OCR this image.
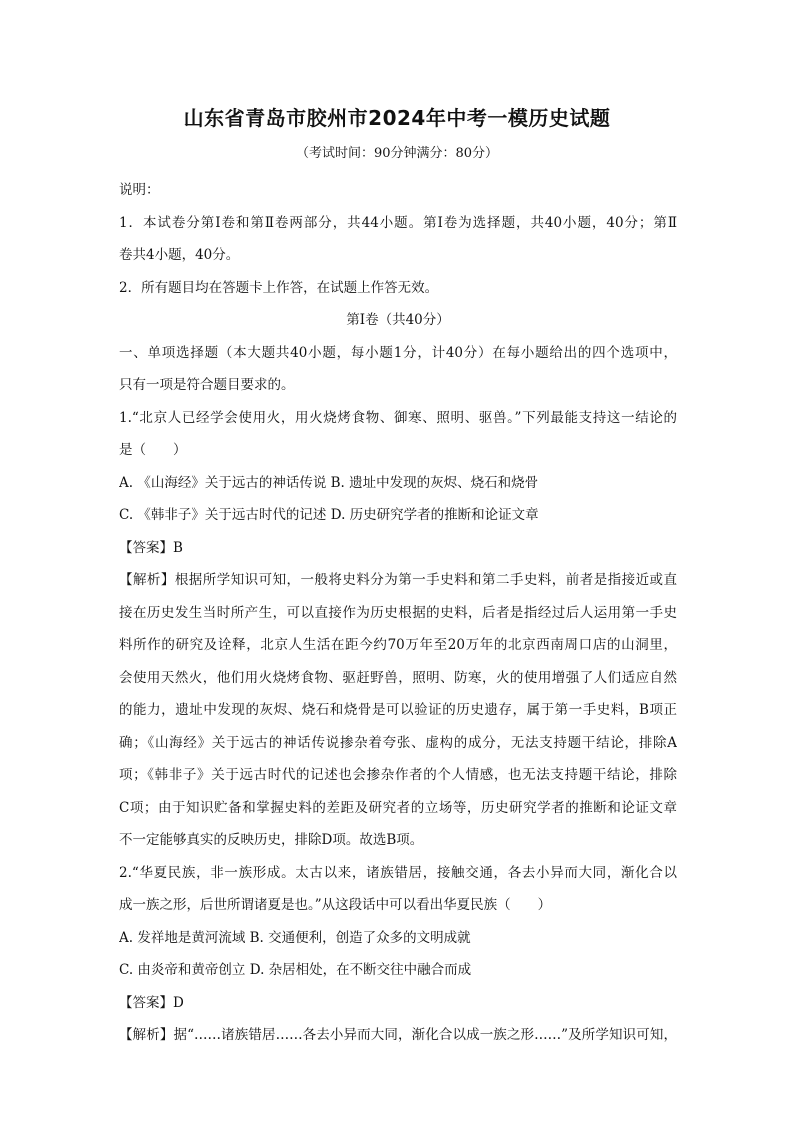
山东省青岛市胶州市2024年中考一模历史试题
（考试时间：90分钟满分：80分）
说明：
1．本试卷分第Ⅰ卷和第Ⅱ卷两部分，共44小题。第Ⅰ卷为选择题，共40小题，40分；第Ⅱ
卷共4小题，40分。
2．所有题目均在答题卡上作答，在试题上作答无效。
第Ⅰ卷（共40分）
一、单项选择题（本大题共40小题，每小题1分，计40分）在每小题给出的四个选项中，
只有一项是符合题目要求的。
1.“北京人已经学会使用火，用火烧烤食物、御寒、照明、驱兽。”下列最能支持这一结论的
是（　　）
A. 《山海经》关于远古的神话传说 B. 遗址中发现的灰烬、烧石和烧骨
C. 《韩非子》关于远古时代的记述 D. 历史研究学者的推断和论证文章
【答案】B
【解析】根据所学知识可知，一般将史料分为第一手史料和第二手史料，前者是指接近或直
接在历史发生当时所产生，可以直接作为历史根据的史料，后者是指经过后人运用第一手史
料所作的研究及诠释，北京人生活在距今约70万年至20万年的北京西南周口店的山洞里，
会使用天然火，他们用火烧烤食物、驱赶野兽，照明、防寒，火的使用增强了人们适应自然
的能力，遗址中发现的灰烬、烧石和烧骨是可以验证的历史遗存，属于第一手史料，B项正
确；《山海经》关于远古的神话传说掺杂着夸张、虚构的成分，无法支持题干结论，排除A
项；《韩非子》关于远古时代的记述也会掺杂作者的个人情感，也无法支持题干结论，排除
C项；由于知识贮备和掌握史料的差距及研究者的立场等，历史研究学者的推断和论证文章
不一定能够真实的反映历史，排除D项。故选B项。
2.“华夏民族，非一族形成。太古以来，诸族错居，接触交通，各去小异而大同，渐化合以
成一族之形，后世所谓诸夏是也。”从这段话中可以看出华夏民族（　　）
A. 发祥地是黄河流域 B. 交通便利，创造了众多的文明成就
C. 由炎帝和黄帝创立 D. 杂居相处，在不断交往中融合而成
【答案】D
【解析】据“……诸族错居……各去小异而大同，渐化合以成一族之形……”及所学知识可知，
